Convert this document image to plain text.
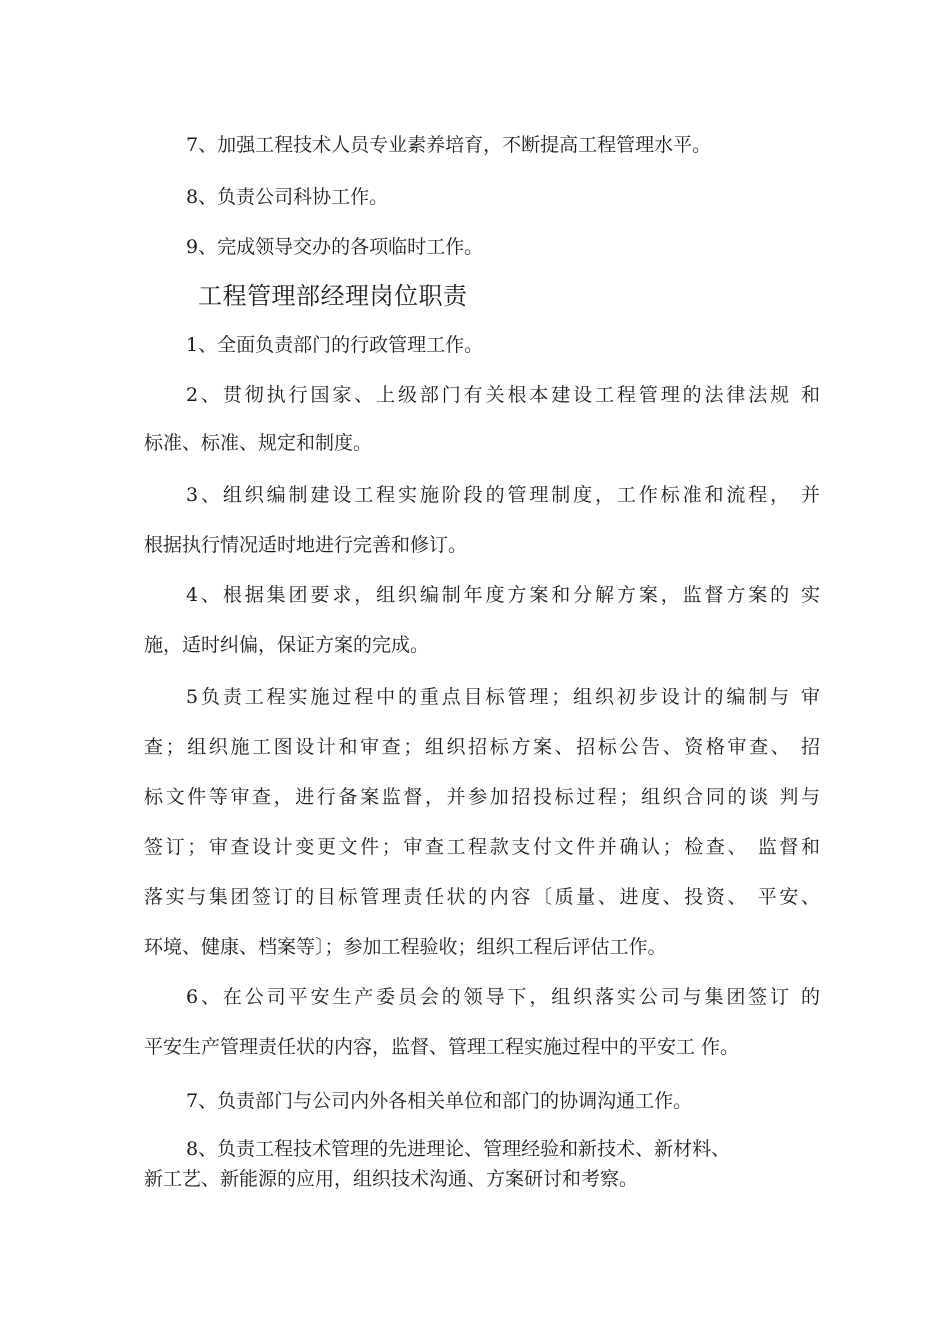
7、加强工程技术人员专业素养培育，不断提高工程管理水平。
8、负责公司科协工作。
9、完成领导交办的各项临时工作。
工程管理部经理岗位职责
1、全面负责部门的行政管理工作。
2、贯彻执行国家、上级部门有关根本建设工程管理的法律法规 和
标准、标准、规定和制度。
3、组织编制建设工程实施阶段的管理制度，工作标准和流程， 并
根据执行情况适时地进行完善和修订。
4、根据集团要求，组织编制年度方案和分解方案，监督方案的 实
施，适时纠偏，保证方案的完成。
5负责工程实施过程中的重点目标管理；组织初步设计的编制与 审
查；组织施工图设计和审查；组织招标方案、招标公告、资格审查、 招
标文件等审查，进行备案监督，并参加招投标过程；组织合同的谈 判与
签订；审查设计变更文件；审查工程款支付文件并确认；检查、 监督和
落实与集团签订的目标管理责任状的内容〔质量、进度、投资、 平安、
环境、健康、档案等〕；参加工程验收；组织工程后评估工作。
6、在公司平安生产委员会的领导下，组织落实公司与集团签订 的
平安生产管理责任状的内容，监督、管理工程实施过程中的平安工 作。
7、负责部门与公司内外各相关单位和部门的协调沟通工作。
8、负责工程技术管理的先进理论、管理经验和新技术、新材料、
新工艺、新能源的应用，组织技术沟通、方案研讨和考察。
